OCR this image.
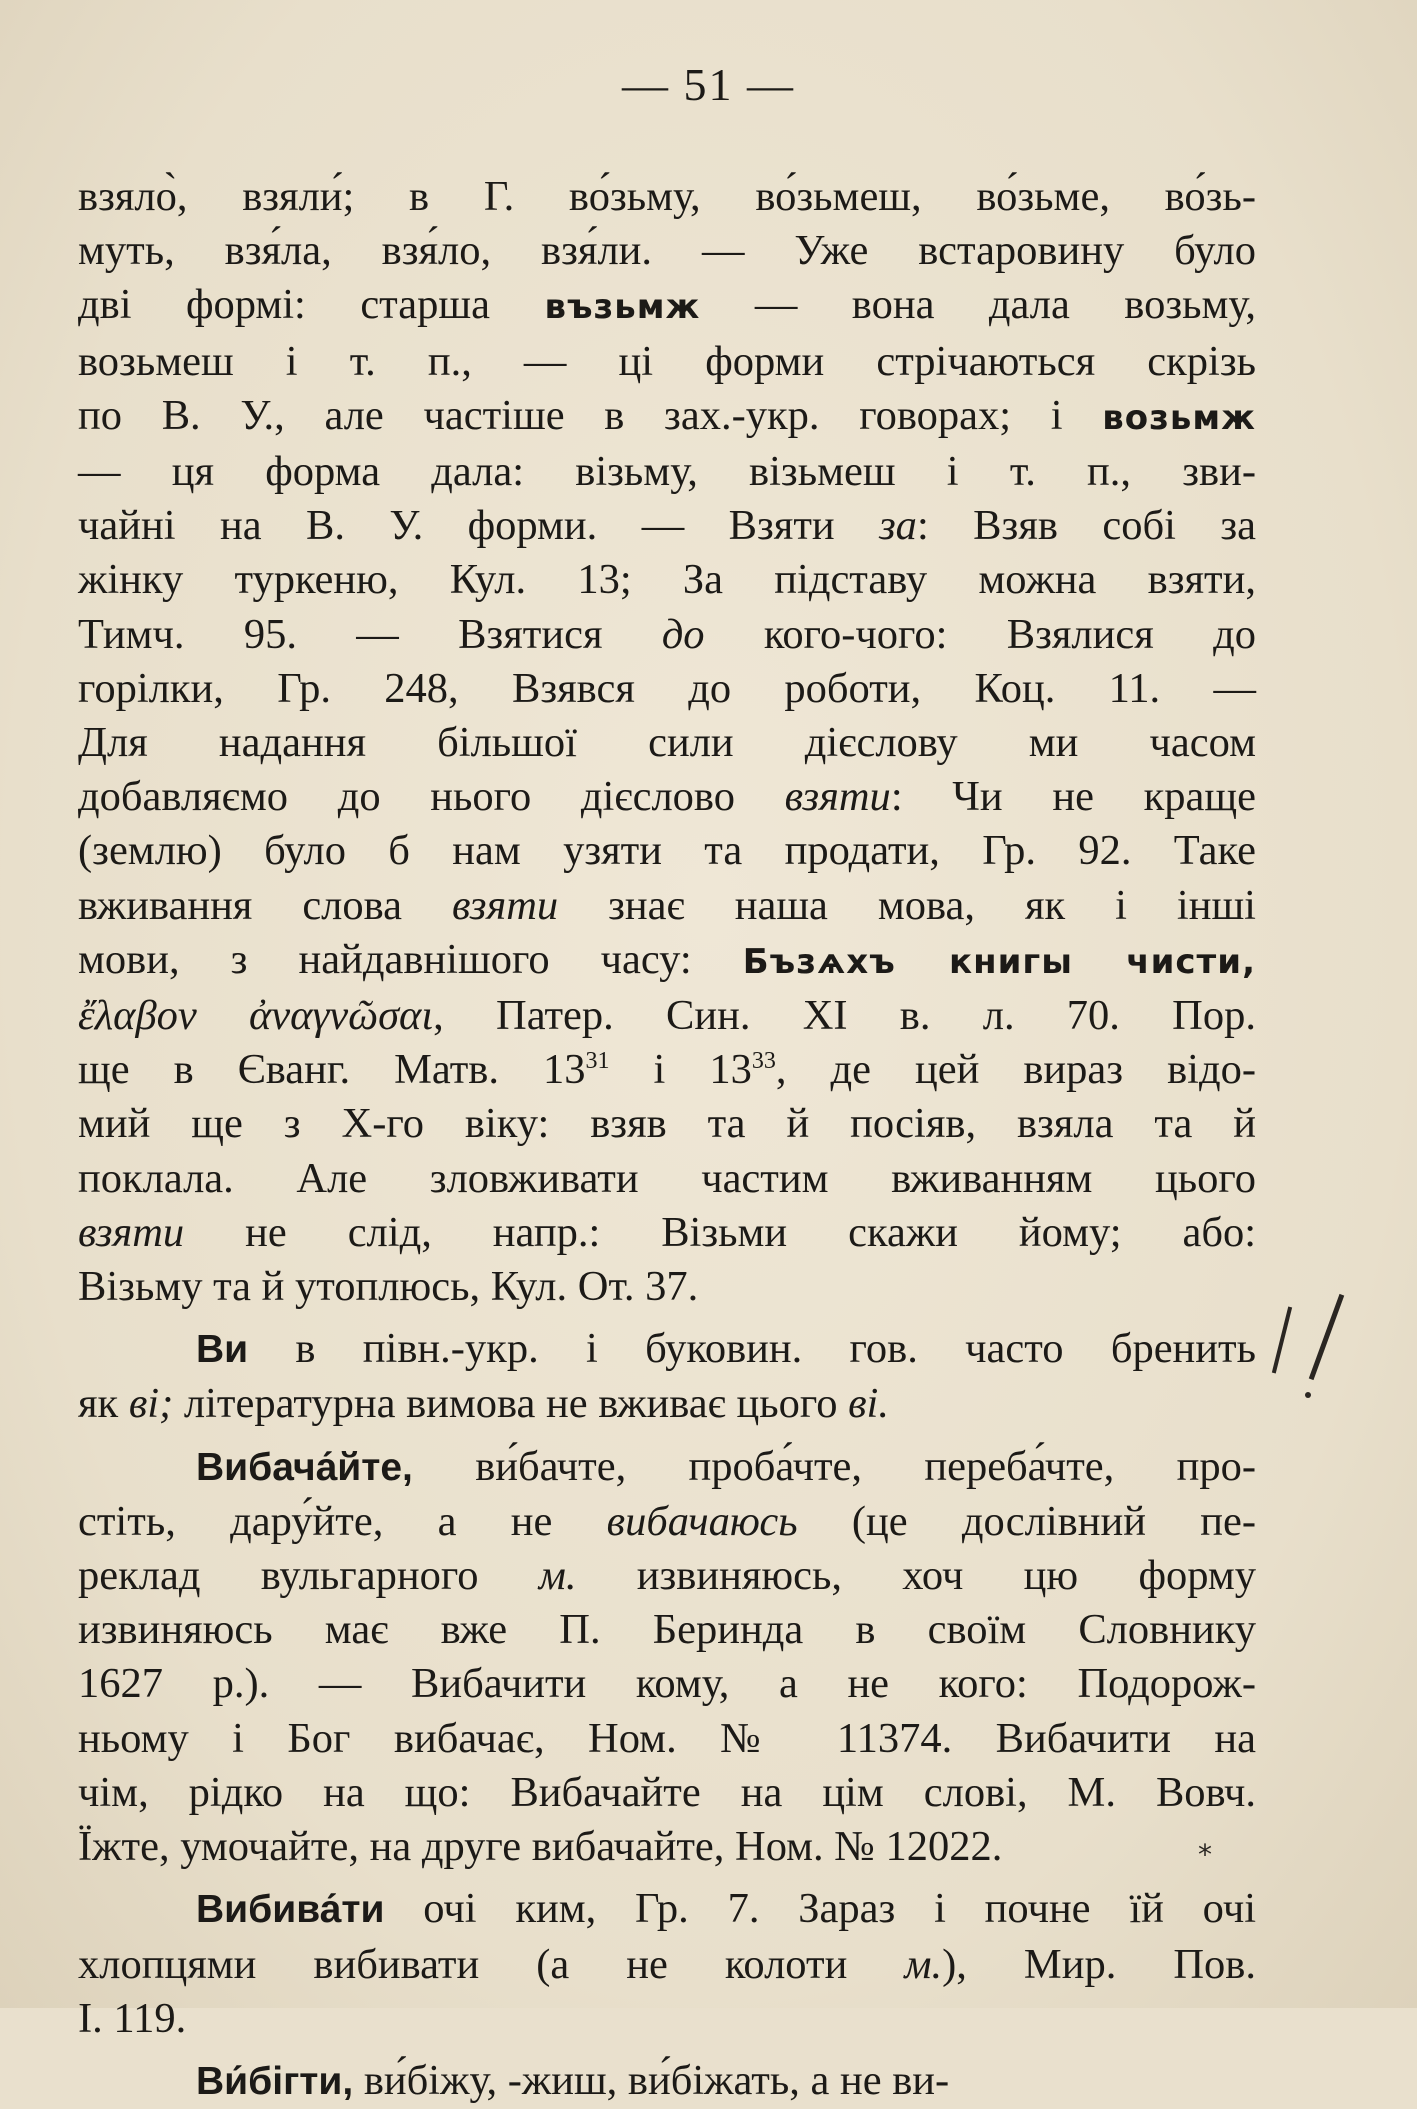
— 51 —
взяло̀, взяли́; в Г. во́зьму, во́зьмеш, во́зьме, во́зь-
муть, взя́ла, взя́ло, взя́ли. — Уже встаровину було
дві формі: старша възьмж — вона дала возьму,
возьмеш і т. п., — ці форми стрічаються скрізь
по В. У., але частіше в зах.-укр. говорах; і возьмж
— ця форма дала: візьму, візьмеш і т. п., зви-
чайні на В. У. форми. — Взяти за: Взяв собі за
жінку туркеню, Кул. 13; За підставу можна взяти,
Тимч. 95. — Взятися до кого-чого: Взялися до
горілки, Гр. 248, Взявся до роботи, Коц. 11. —
Для надання більшої сили дієслову ми часом
добавляємо до нього дієслово взяти: Чи не краще
(землю) було б нам узяти та продати, Гр. 92. Таке
вживання слова взяти знає наша мова, як і інші
мови, з найдавнішого часу: Бъзѧхъ книгы чисти,
ἔλαβον ἀναγνῶσαι, Патер. Син. XI в. л. 70. Пор.
ще в Єванг. Матв. $13^{31}$ і $13^{33}$, де цей вираз відо-
мий ще з X-го віку: взяв та й посіяв, взяла та й
поклала. Але зловживати частим вживанням цього
взяти не слід, напр.: Візьми скажи йому; або:
Візьму та й утоплюсь, Кул. От. 37.
Ви в півн.-укр. і буковин. гов. часто бренить
як ві; літературна вимова не вживає цього ві.
Вибача́йте, ви́бачте, проба́чте, переба́чте, про-
стіть, дару́йте, а не вибачаюсь (це дослівний пе-
реклад вульгарного м. извиняюсь, хоч цю форму
извиняюсь має вже П. Беринда в своїм Словнику
1627 р.). — Вибачити кому, а не кого: Подорож-
ньому і Бог вибачає, Ном. № 11374. Вибачити на
чім, рідко на що: Вибачайте на цім слові, М. Вовч.
Їжте, умочайте, на друге вибачайте, Ном. № 12022.
Вибива́ти очі ким, Гр. 7. Зараз і почне їй очі
хлопцями вибивати (а не колоти м.), Мир. Пов.
І. 119.
Ви́бігти, ви́біжу, -жиш, ви́біжать, а не ви-
*
